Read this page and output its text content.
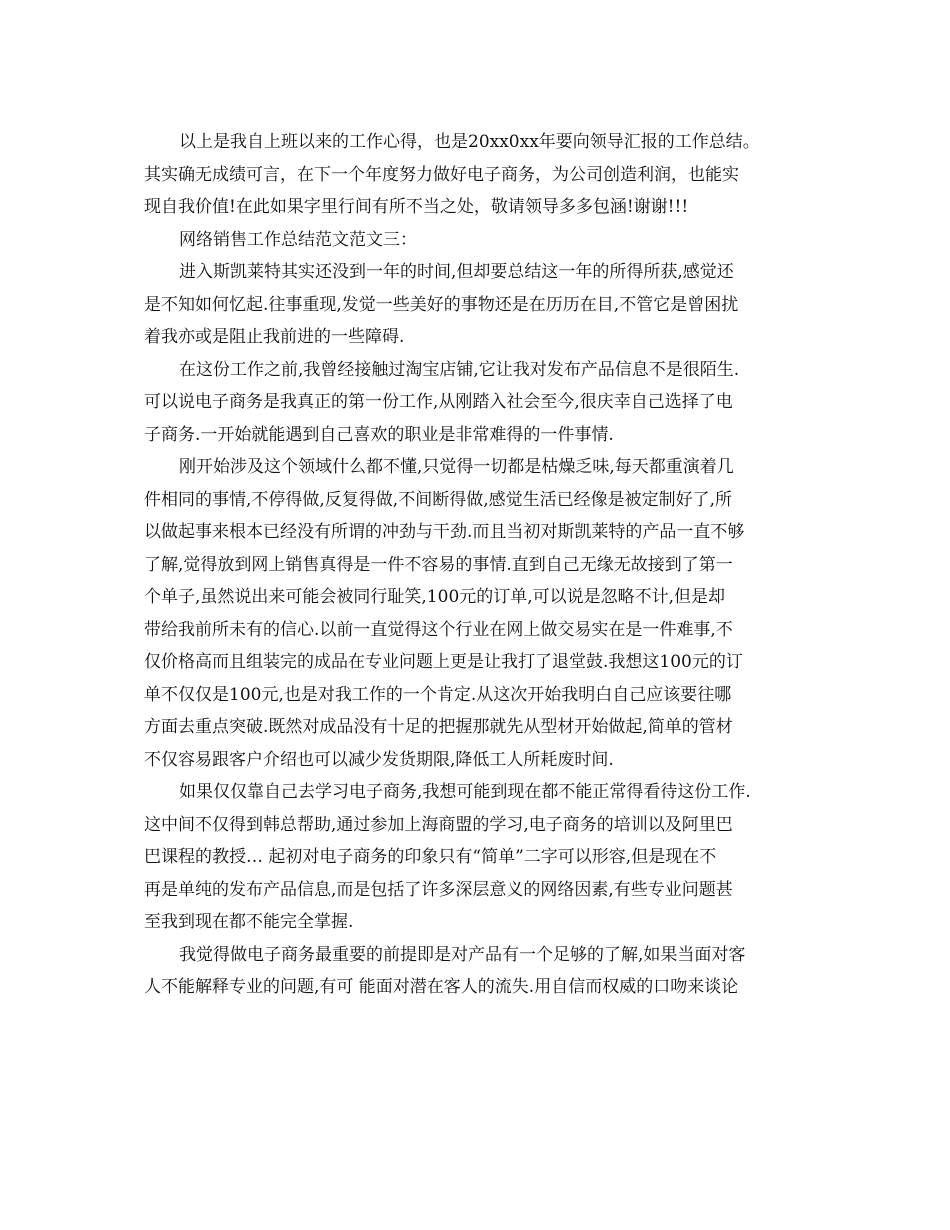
以上是我自上班以来的工作心得，也是20xx0xx年要向领导汇报的工作总结。
其实确无成绩可言，在下一个年度努力做好电子商务，为公司创造利润，也能实
现自我价值!在此如果字里行间有所不当之处，敬请领导多多包涵!谢谢!!!
网络销售工作总结范文范文三：
进入斯凯莱特其实还没到一年的时间,但却要总结这一年的所得所获,感觉还
是不知如何忆起.往事重现,发觉一些美好的事物还是在历历在目,不管它是曾困扰
着我亦或是阻止我前进的一些障碍.
在这份工作之前,我曾经接触过淘宝店铺,它让我对发布产品信息不是很陌生.
可以说电子商务是我真正的第一份工作,从刚踏入社会至今,很庆幸自己选择了电
子商务.一开始就能遇到自己喜欢的职业是非常难得的一件事情.
刚开始涉及这个领域什么都不懂,只觉得一切都是枯燥乏味,每天都重演着几
件相同的事情,不停得做,反复得做,不间断得做,感觉生活已经像是被定制好了,所
以做起事来根本已经没有所谓的冲劲与干劲.而且当初对斯凯莱特的产品一直不够
了解,觉得放到网上销售真得是一件不容易的事情.直到自己无缘无故接到了第一
个单子,虽然说出来可能会被同行耻笑,100元的订单,可以说是忽略不计,但是却
带给我前所未有的信心.以前一直觉得这个行业在网上做交易实在是一件难事,不
仅价格高而且组装完的成品在专业问题上更是让我打了退堂鼓.我想这100元的订
单不仅仅是100元,也是对我工作的一个肯定.从这次开始我明白自己应该要往哪
方面去重点突破.既然对成品没有十足的把握那就先从型材开始做起,简单的管材
不仅容易跟客户介绍也可以减少发货期限,降低工人所耗废时间.
如果仅仅靠自己去学习电子商务,我想可能到现在都不能正常得看待这份工作.
这中间不仅得到韩总帮助,通过参加上海商盟的学习,电子商务的培训以及阿里巴
巴课程的教授… 起初对电子商务的印象只有“简单”二字可以形容,但是现在不
再是单纯的发布产品信息,而是包括了许多深层意义的网络因素,有些专业问题甚
至我到现在都不能完全掌握.
我觉得做电子商务最重要的前提即是对产品有一个足够的了解,如果当面对客
人不能解释专业的问题,有可 能面对潜在客人的流失.用自信而权威的口吻来谈论
